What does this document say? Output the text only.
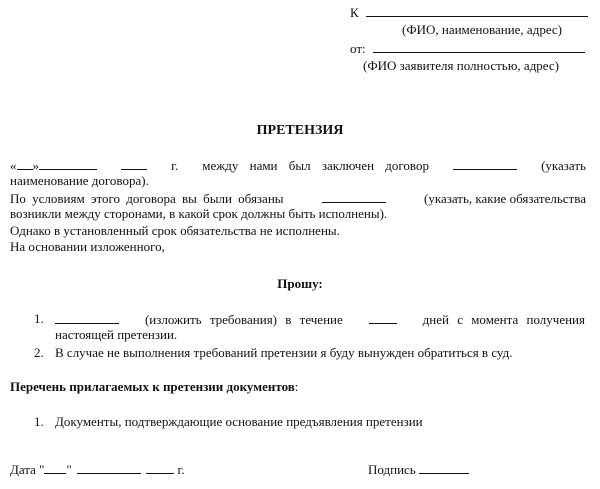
К
(ФИО, наименование, адрес)
от:
(ФИО заявителя полностью, адрес)
ПРЕТЕНЗИЯ
« »	г. между нами был заключен договор	(указать
наименование договора).
По условиям этого договора вы были обязаны	(указать, какие обязательства
возникли между сторонами, в какой срок должны быть исполнены).
Однако в установленный срок обязательства не исполнены.
На основании изложенного,
Прошу:
1.	(изложить требования) в течение	дней с момента получения
настоящей претензии.
2. В случае не выполнения требований претензии я буду вынужден обратиться в суд.
Перечень прилагаемых к претензии документов:
1. Документы, подтверждающие основание предъявления претензии
Дата " "	г.	Подпись
